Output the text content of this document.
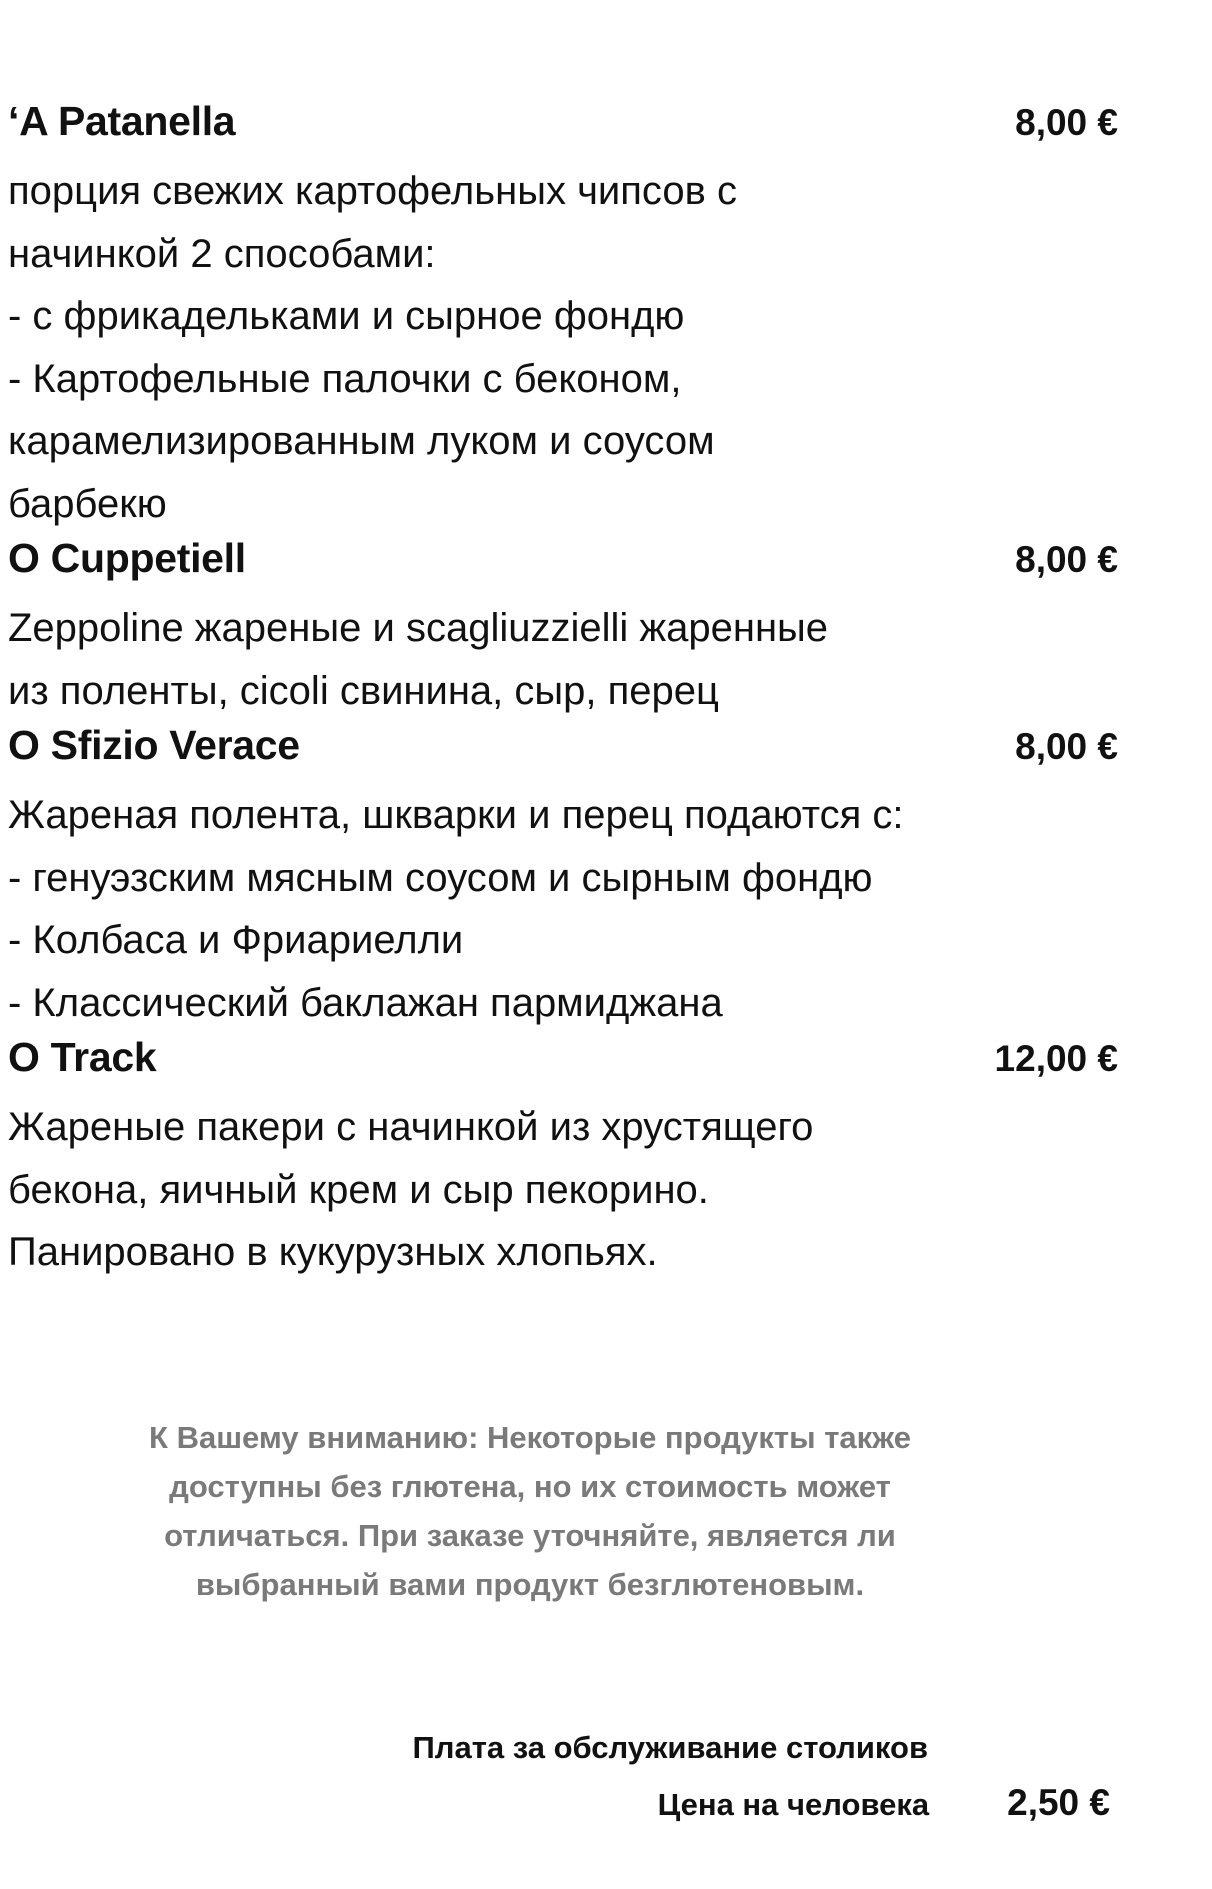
‘A Patanella	8,00 €
порция свежих картофельных чипсов с
начинкой 2 способами:
- с фрикадельками и сырное фондю
- Картофельные палочки с беконом,
карамелизированным луком и соусом
барбекю
O Cuppetiell	8,00 €
Zeppoline жареные и scagliuzzielli жаренные
из поленты, cicoli свинина, сыр, перец
O Sfizio Verace	8,00 €
Жареная полента, шкварки и перец подаются с:
- генуэзским мясным соусом и сырным фондю
- Колбаса и Фриариелли
- Классический баклажан пармиджана
O Track	12,00 €
Жареные пакери с начинкой из хрустящего
бекона, яичный крем и сыр пекорино.
Панировано в кукурузных хлопьях.
К Вашему вниманию: Некоторые продукты также
доступны без глютена, но их стоимость может
отличаться. При заказе уточняйте, является ли
выбранный вами продукт безглютеновым.
Плата за обслуживание столиков
Цена на человека 2,50 €
